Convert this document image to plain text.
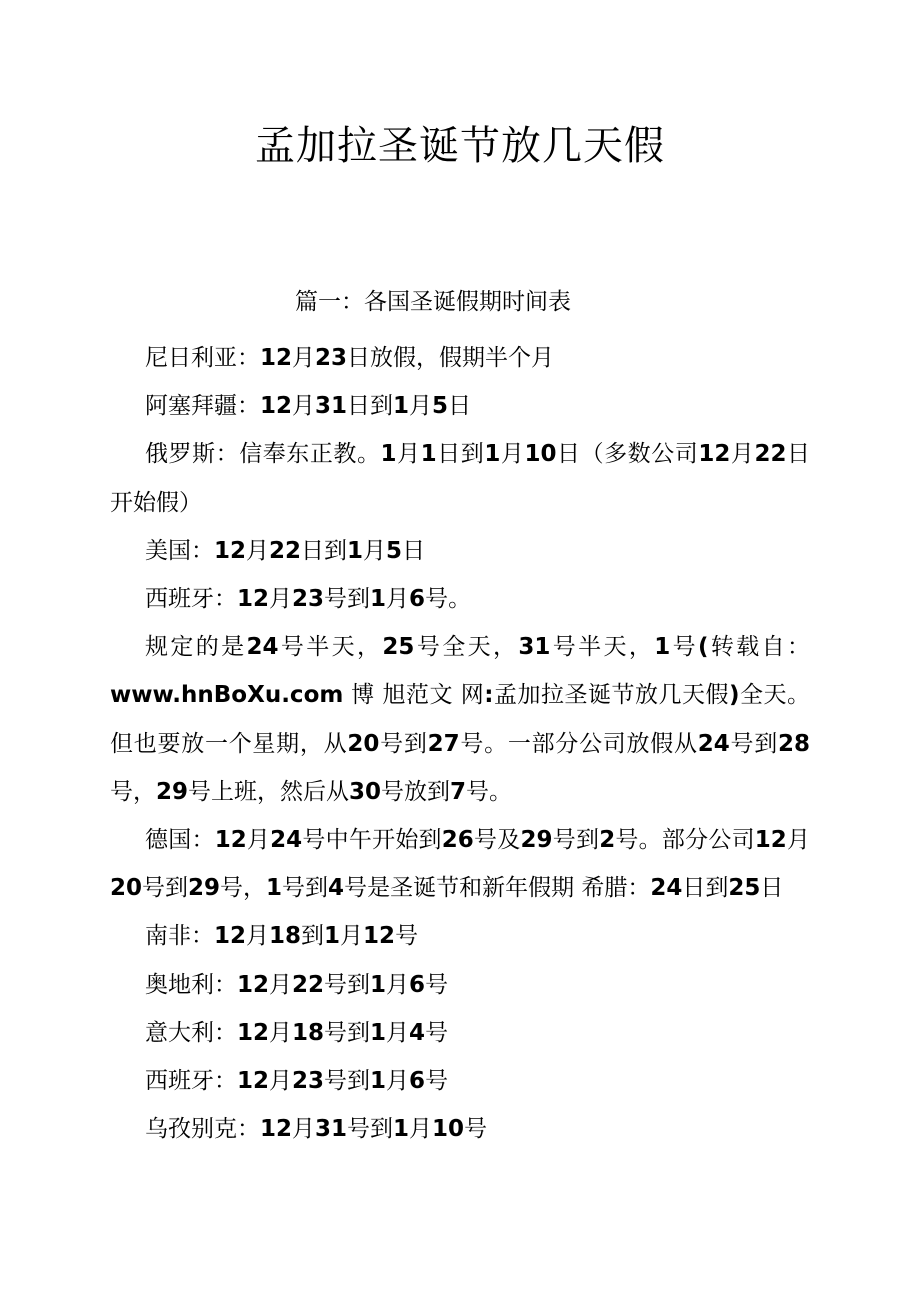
孟加拉圣诞节放几天假
篇一：各国圣诞假期时间表

尼日利亚：12月23日放假，假期半个月

阿塞拜疆：12月31日到1月5日

俄罗斯：信奉东正教。1月1日到1月10日（多数公司12月22日开始假）

美国：12月22日到1月5日

西班牙：12月23号到1月6号。

规定的是24号半天，25号全天，31号半天，1号(转载自：www.hnBoXu.com 博 旭范文 网:孟加拉圣诞节放几天假)全天。但也要放一个星期，从20号到27号。一部分公司放假从24号到28号，29号上班，然后从30号放到7号。

德国：12月24号中午开始到26号及29号到2号。部分公司12月20号到29号，1号到4号是圣诞节和新年假期 希腊：24日到25日

南非：12月18到1月12号

奥地利：12月22号到1月6号

意大利：12月18号到1月4号

西班牙：12月23号到1月6号

乌孜别克：12月31号到1月10号
